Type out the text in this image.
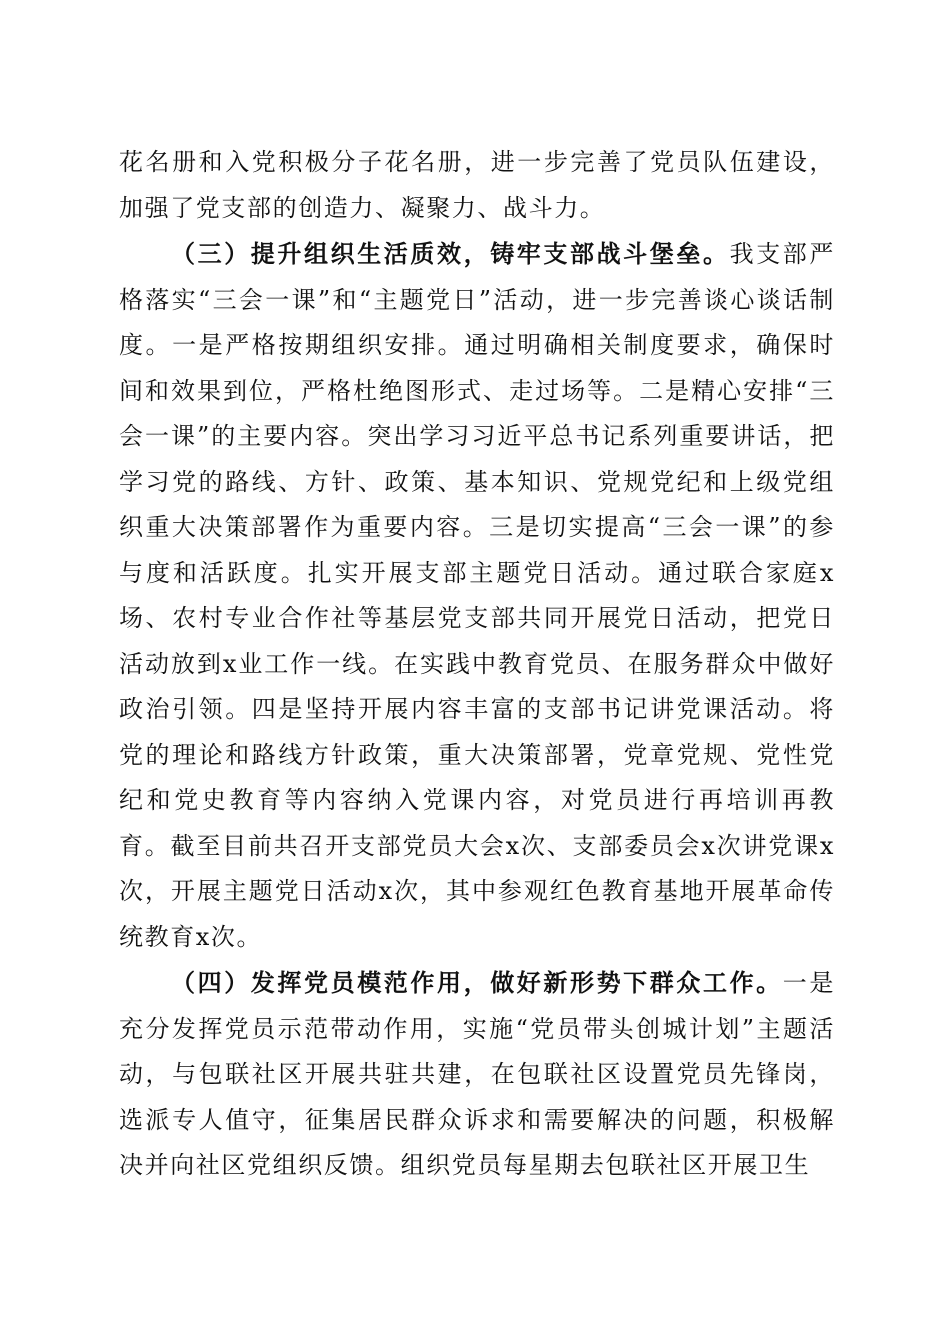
花名册和入党积极分子花名册，进一步完善了党员队伍建设，加强了党支部的创造力、凝聚力、战斗力。

（三）提升组织生活质效，铸牢支部战斗堡垒。我支部严格落实“三会一课”和“主题党日”活动，进一步完善谈心谈话制度。一是严格按期组织安排。通过明确相关制度要求，确保时间和效果到位，严格杜绝图形式、走过场等。二是精心安排“三会一课”的主要内容。突出学习习近平总书记系列重要讲话，把学习党的路线、方针、政策、基本知识、党规党纪和上级党组织重大决策部署作为重要内容。三是切实提高“三会一课”的参与度和活跃度。扎实开展支部主题党日活动。通过联合家庭x场、农村专业合作社等基层党支部共同开展党日活动，把党日活动放到x业工作一线。在实践中教育党员、在服务群众中做好政治引领。四是坚持开展内容丰富的支部书记讲党课活动。将党的理论和路线方针政策，重大决策部署，党章党规、党性党纪和党史教育等内容纳入党课内容，对党员进行再培训再教育。截至目前共召开支部党员大会x次、支部委员会x次讲党课x次，开展主题党日活动x次，其中参观红色教育基地开展革命传统教育x次。

（四）发挥党员模范作用，做好新形势下群众工作。一是充分发挥党员示范带动作用，实施“党员带头创城计划”主题活动，与包联社区开展共驻共建，在包联社区设置党员先锋岗，选派专人值守，征集居民群众诉求和需要解决的问题，积极解决并向社区党组织反馈。组织党员每星期去包联社区开展卫生
